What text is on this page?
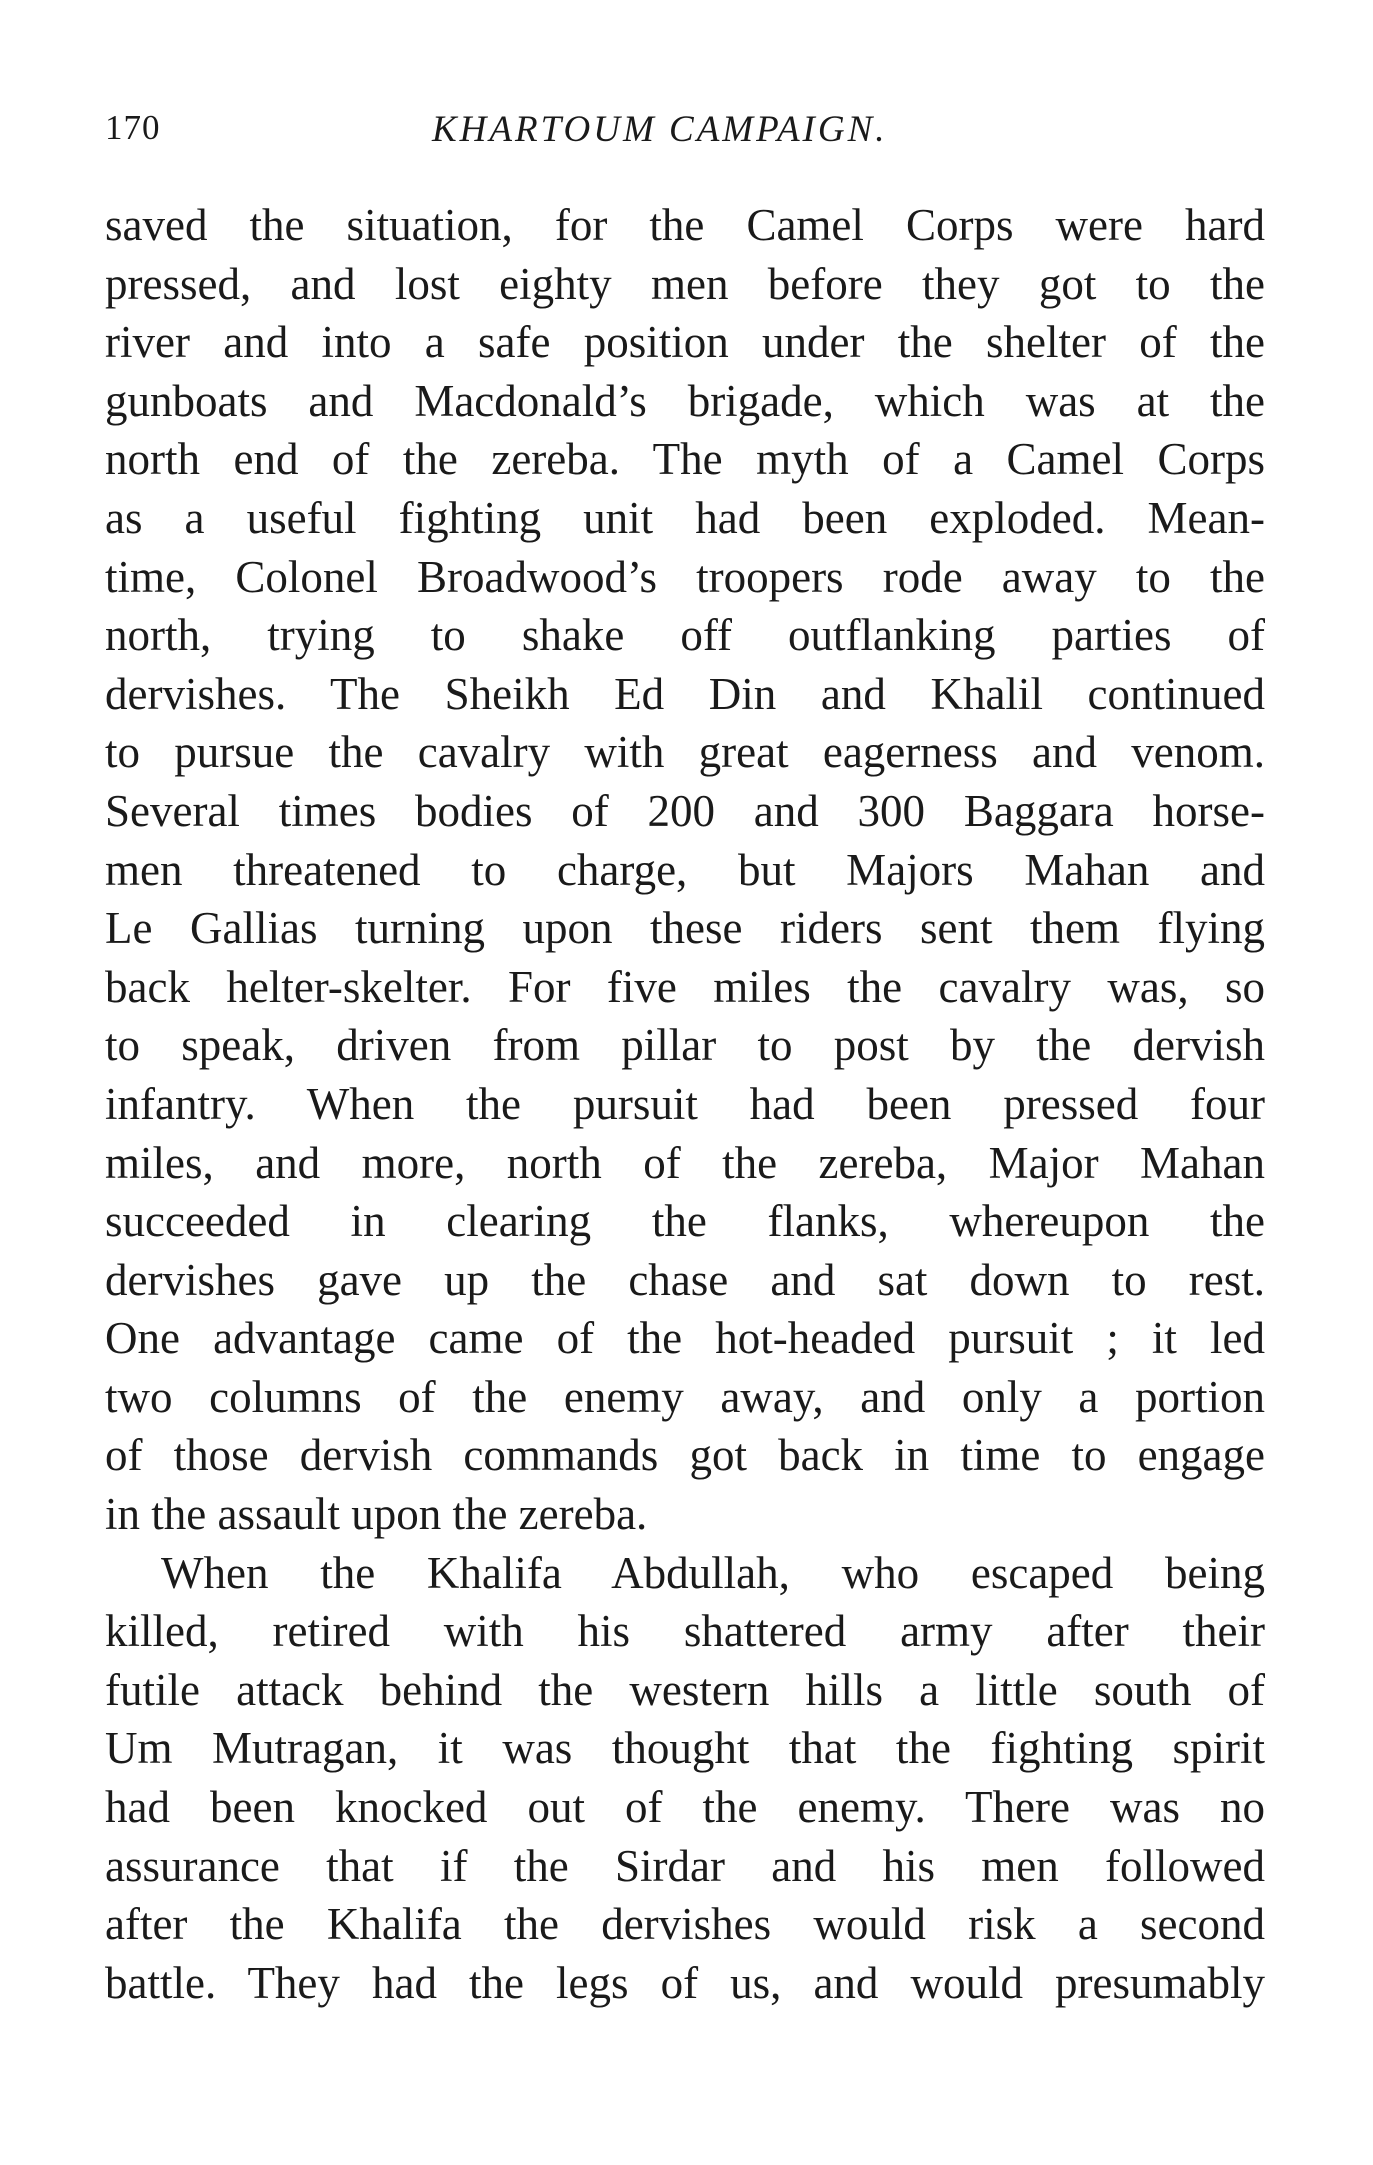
170	KHARTOUM CAMPAIGN.
saved the situation, for the Camel Corps were hard
pressed, and lost eighty men before they got to the
river and into a safe position under the shelter of the
gunboats and Macdonald’s brigade, which was at the
north end of the zereba. The myth of a Camel Corps
as a useful fighting unit had been exploded. Mean-
time, Colonel Broadwood’s troopers rode away to the
north, trying to shake off outflanking parties of
dervishes. The Sheikh Ed Din and Khalil continued
to pursue the cavalry with great eagerness and venom.
Several times bodies of 200 and 300 Baggara horse-
men threatened to charge, but Majors Mahan and
Le Gallias turning upon these riders sent them flying
back helter-skelter. For five miles the cavalry was, so
to speak, driven from pillar to post by the dervish
infantry. When the pursuit had been pressed four
miles, and more, north of the zereba, Major Mahan
succeeded in clearing the flanks, whereupon the
dervishes gave up the chase and sat down to rest.
One advantage came of the hot-headed pursuit ; it led
two columns of the enemy away, and only a portion
of those dervish commands got back in time to engage
in the assault upon the zereba.
When the Khalifa Abdullah, who escaped being
killed, retired with his shattered army after their
futile attack behind the western hills a little south of
Um Mutragan, it was thought that the fighting spirit
had been knocked out of the enemy. There was no
assurance that if the Sirdar and his men followed
after the Khalifa the dervishes would risk a second
battle. They had the legs of us, and would presumably
